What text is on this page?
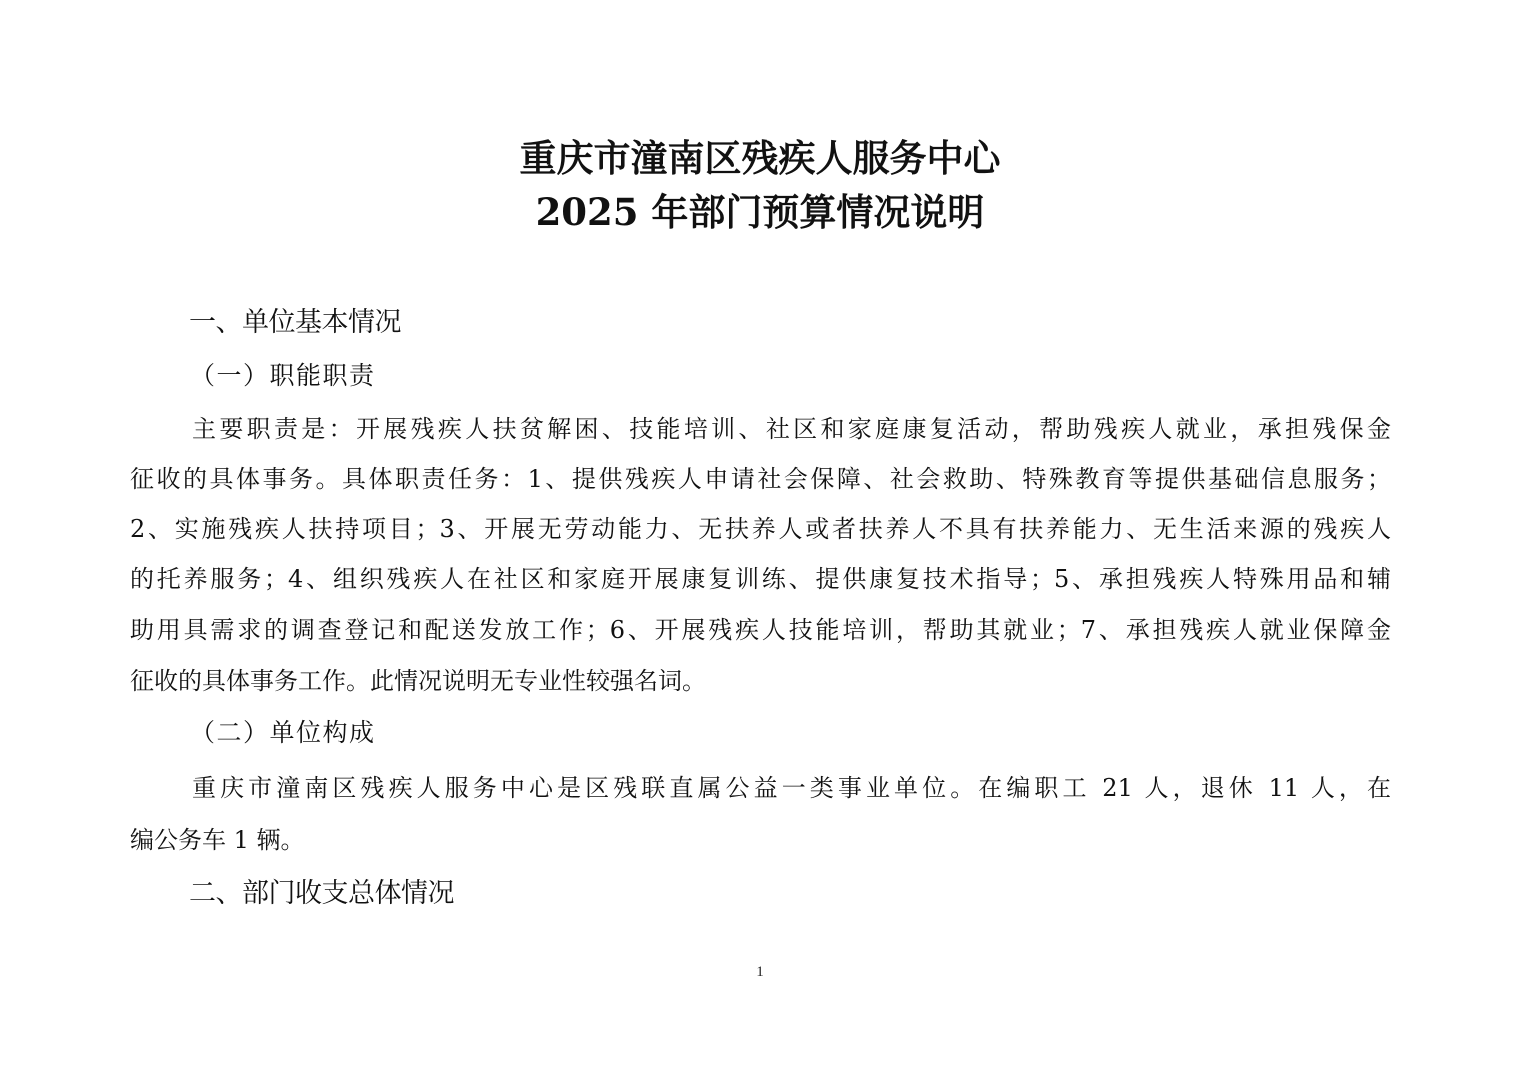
重庆市潼南区残疾人服务中心
2025 年部门预算情况说明
一、单位基本情况
（一）职能职责
主要职责是：开展残疾人扶贫解困、技能培训、社区和家庭康复活动，帮助残疾人就业，承担残保金
征收的具体事务。具体职责任务：1、提供残疾人申请社会保障、社会救助、特殊教育等提供基础信息服务；
2、实施残疾人扶持项目；3、开展无劳动能力、无扶养人或者扶养人不具有扶养能力、无生活来源的残疾人
的托养服务；4、组织残疾人在社区和家庭开展康复训练、提供康复技术指导；5、承担残疾人特殊用品和辅
助用具需求的调查登记和配送发放工作；6、开展残疾人技能培训，帮助其就业；7、承担残疾人就业保障金
征收的具体事务工作。此情况说明无专业性较强名词。
（二）单位构成
重庆市潼南区残疾人服务中心是区残联直属公益一类事业单位。在编职工 21 人，退休 11 人，在
编公务车 1 辆。
二、部门收支总体情况
1
